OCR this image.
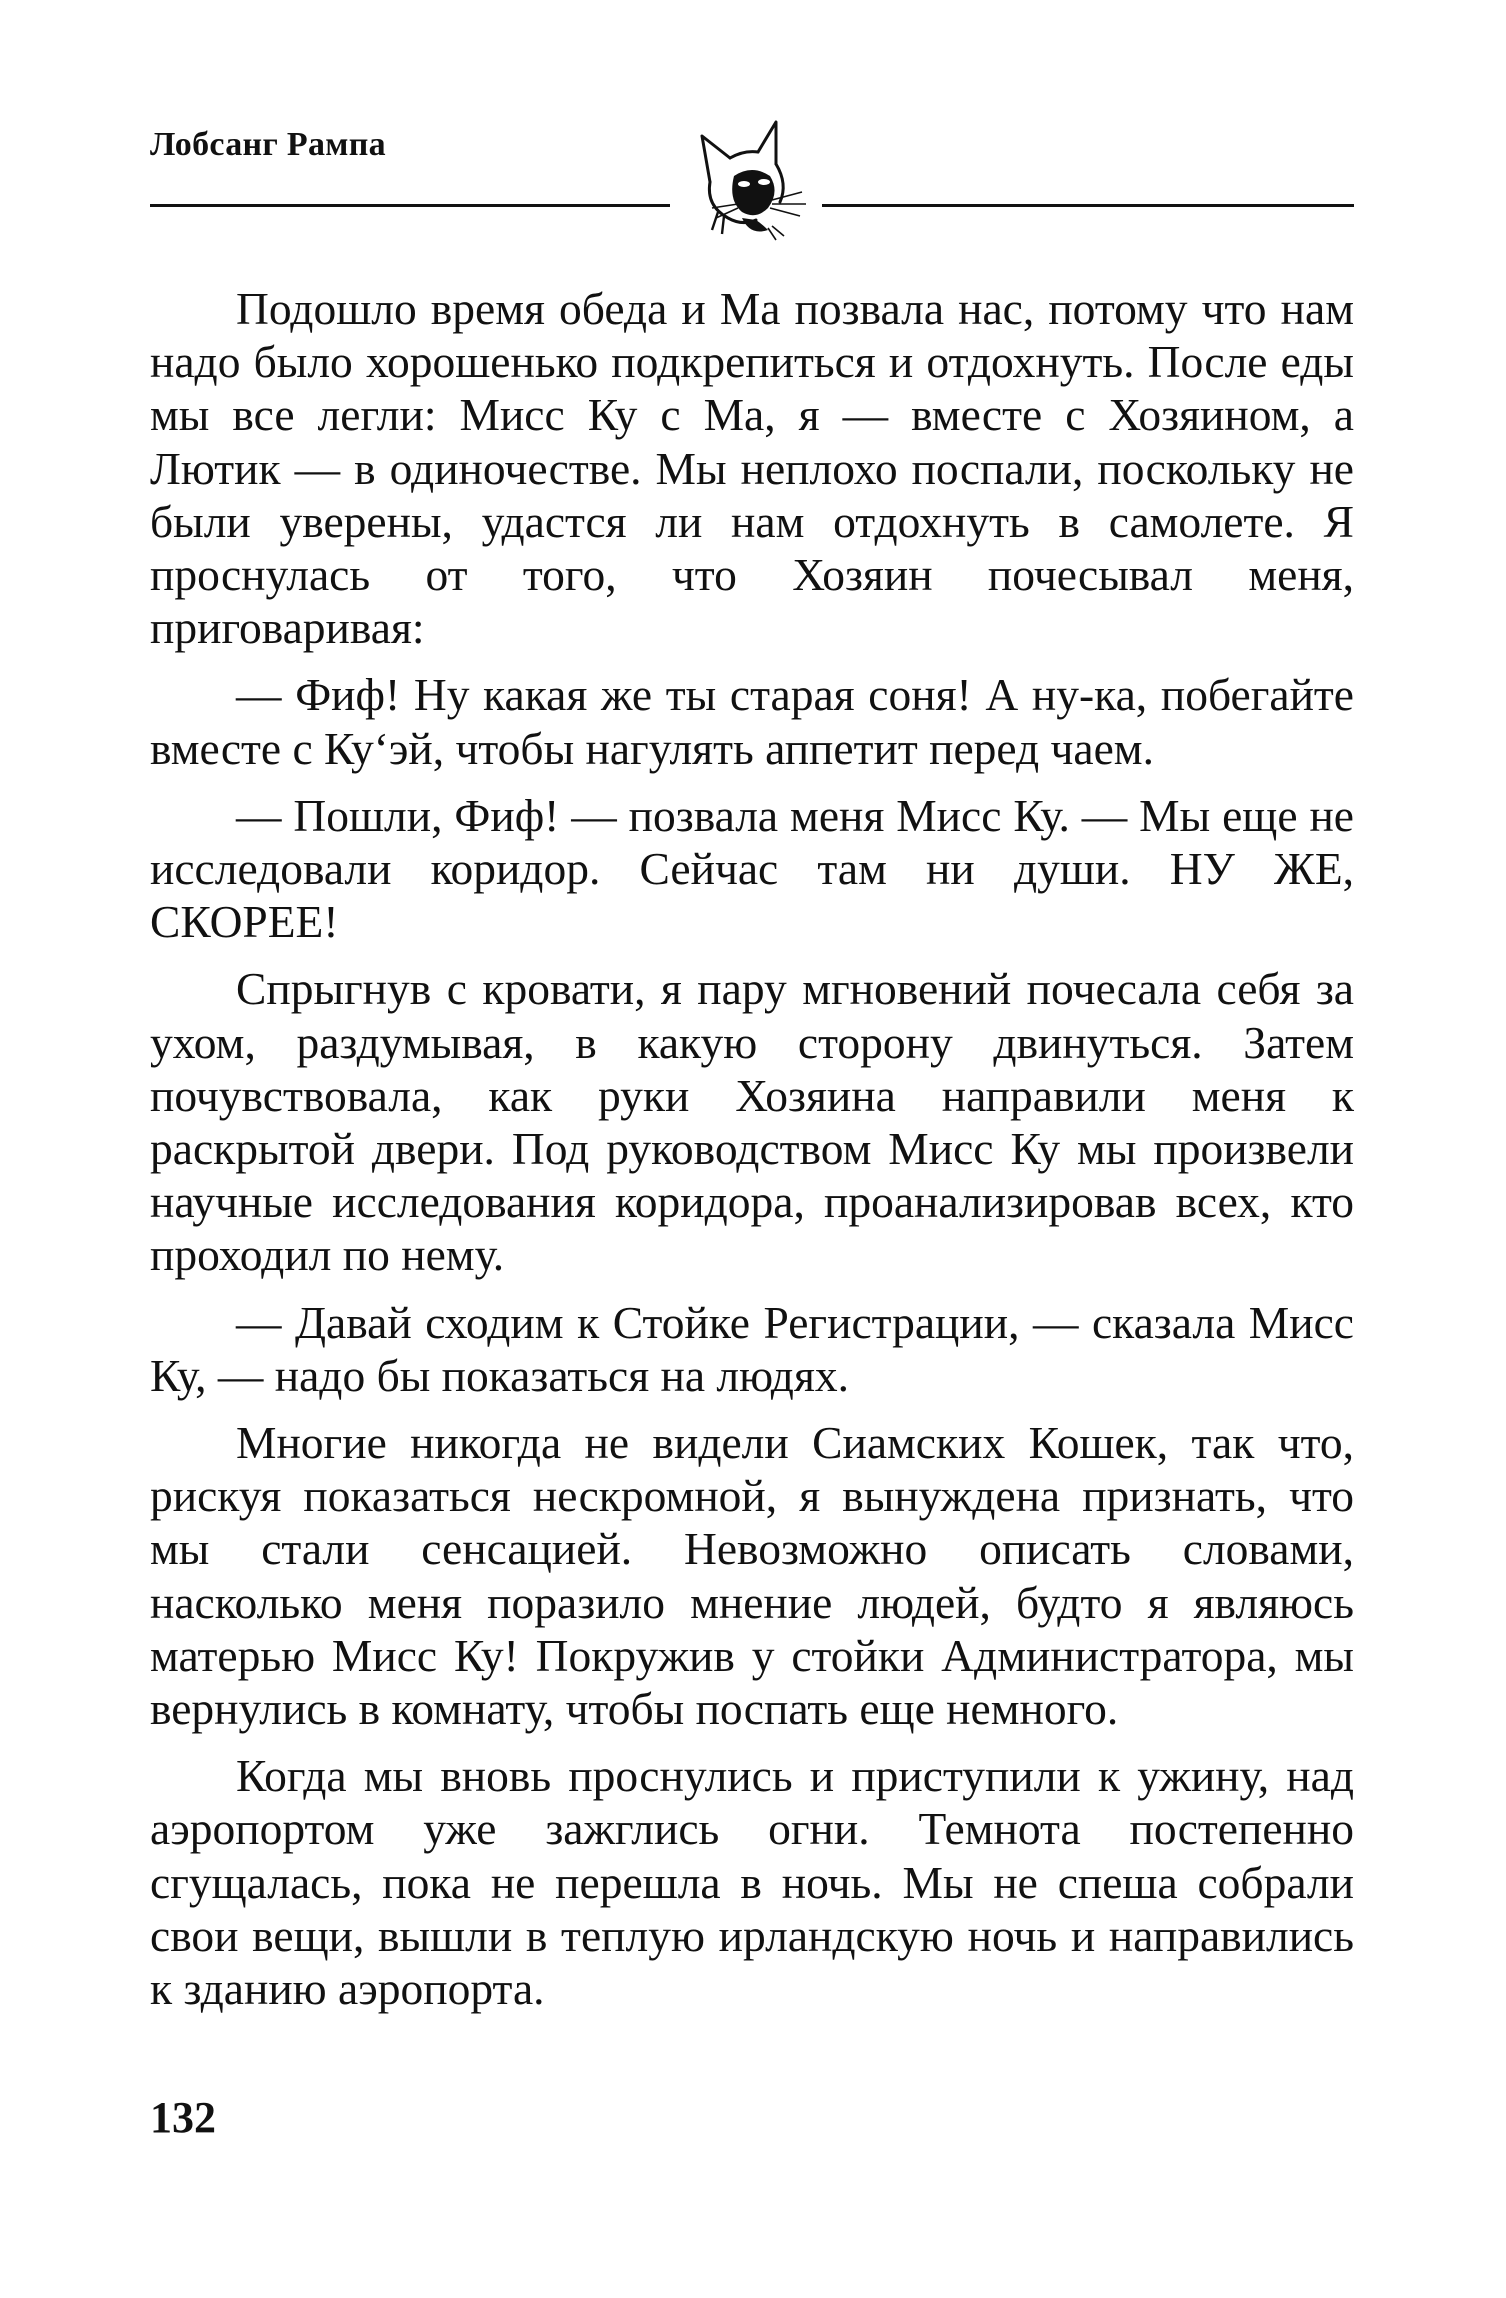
Лобсанг Рампа

Подошло время обеда и Ма позвала нас, потому что нам надо было хорошенько подкрепиться и отдохнуть. После еды мы все легли: Мисс Ку с Ма, я — вместе с Хозяином, а Лютик — в одиночестве. Мы неплохо поспали, поскольку не были уверены, удастся ли нам отдохнуть в самолете. Я проснулась от того, что Хозяин почесывал меня, приговаривая:

— Фиф! Ну какая же ты старая соня! А ну-ка, побегайте вместе с Ку‘эй, чтобы нагулять аппетит перед чаем.

— Пошли, Фиф! — позвала меня Мисс Ку. — Мы еще не исследовали коридор. Сейчас там ни души. НУ ЖЕ, СКОРЕЕ!

Спрыгнув с кровати, я пару мгновений почесала себя за ухом, раздумывая, в какую сторону двинуться. Затем почувствовала, как руки Хозяина направили меня к раскрытой двери. Под руководством Мисс Ку мы произвели научные исследования коридора, проанализировав всех, кто проходил по нему.

— Давай сходим к Стойке Регистрации, — сказала Мисс Ку, — надо бы показаться на людях.

Многие никогда не видели Сиамских Кошек, так что, рискуя показаться нескромной, я вынуждена признать, что мы стали сенсацией. Невозможно описать словами, насколько меня поразило мнение людей, будто я являюсь матерью Мисс Ку! Покружив у стойки Администратора, мы вернулись в комнату, чтобы поспать еще немного.

Когда мы вновь проснулись и приступили к ужину, над аэропортом уже зажглись огни. Темнота постепенно сгущалась, пока не перешла в ночь. Мы не спеша собрали свои вещи, вышли в теплую ирландскую ночь и направились к зданию аэропорта.

132
